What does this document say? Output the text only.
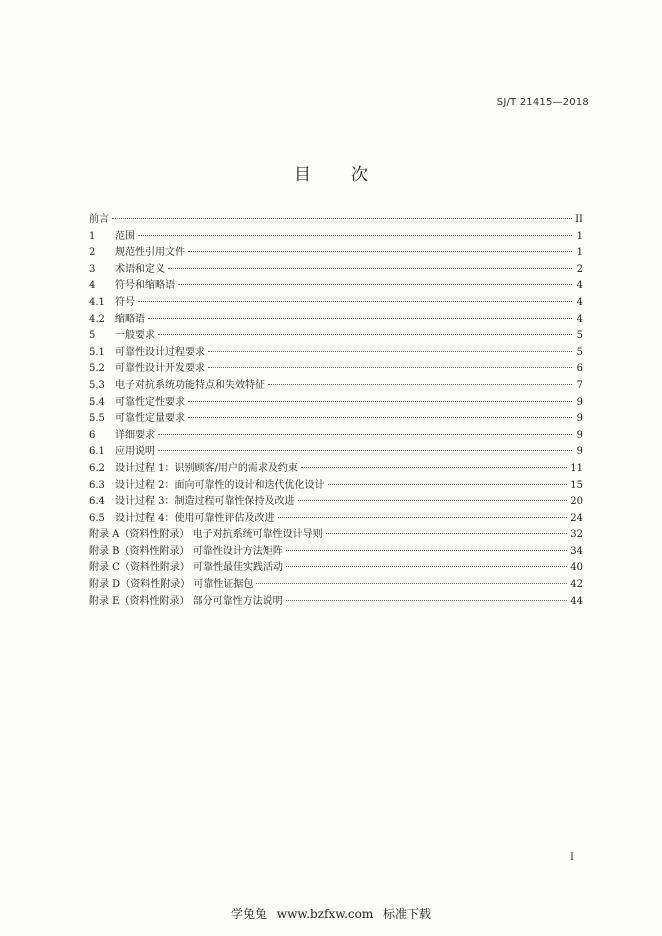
SJ/T 21415—2018
目 次
前言	II
1 范围	1
2 规范性引用文件	1
3 术语和定义	2
4 符号和缩略语	4
4.1 符号	4
4.2 缩略语	4
5 一般要求	5
5.1 可靠性设计过程要求	5
5.2 可靠性设计开发要求	6
5.3 电子对抗系统功能特点和失效特征	7
5.4 可靠性定性要求	9
5.5 可靠性定量要求	9
6 详细要求	9
6.1 应用说明	9
6.2 设计过程 1：识别顾客/用户的需求及约束	11
6.3 设计过程 2：面向可靠性的设计和迭代优化设计	15
6.4 设计过程 3：制造过程可靠性保持及改进	20
6.5 设计过程 4：使用可靠性评估及改进	24
附录 A（资料性附录） 电子对抗系统可靠性设计导则	32
附录 B（资料性附录） 可靠性设计方法矩阵	34
附录 C（资料性附录） 可靠性最佳实践活动	40
附录 D（资料性附录） 可靠性证据包	42
附录 E（资料性附录） 部分可靠性方法说明	44
I
学兔兔 www.bzfxw.com 标准下载
